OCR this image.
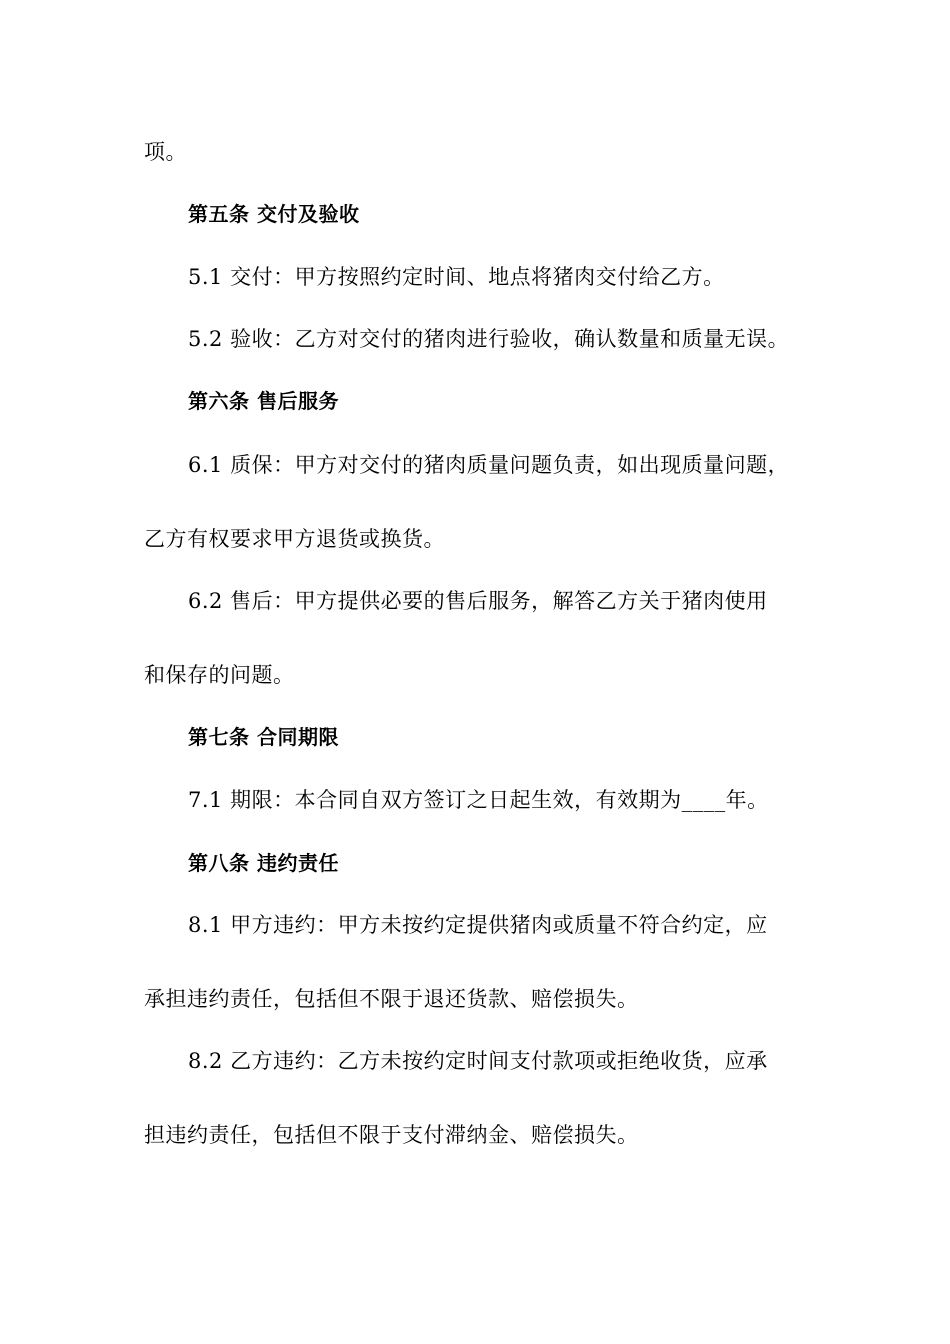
项。
第五条 交付及验收
5.1 交付：甲方按照约定时间、地点将猪肉交付给乙方。
5.2 验收：乙方对交付的猪肉进行验收，确认数量和质量无误。
第六条 售后服务
6.1 质保：甲方对交付的猪肉质量问题负责，如出现质量问题，
乙方有权要求甲方退货或换货。
6.2 售后：甲方提供必要的售后服务，解答乙方关于猪肉使用
和保存的问题。
第七条 合同期限
7.1 期限：本合同自双方签订之日起生效，有效期为____年。
第八条 违约责任
8.1 甲方违约：甲方未按约定提供猪肉或质量不符合约定，应
承担违约责任，包括但不限于退还货款、赔偿损失。
8.2 乙方违约：乙方未按约定时间支付款项或拒绝收货，应承
担违约责任，包括但不限于支付滞纳金、赔偿损失。
